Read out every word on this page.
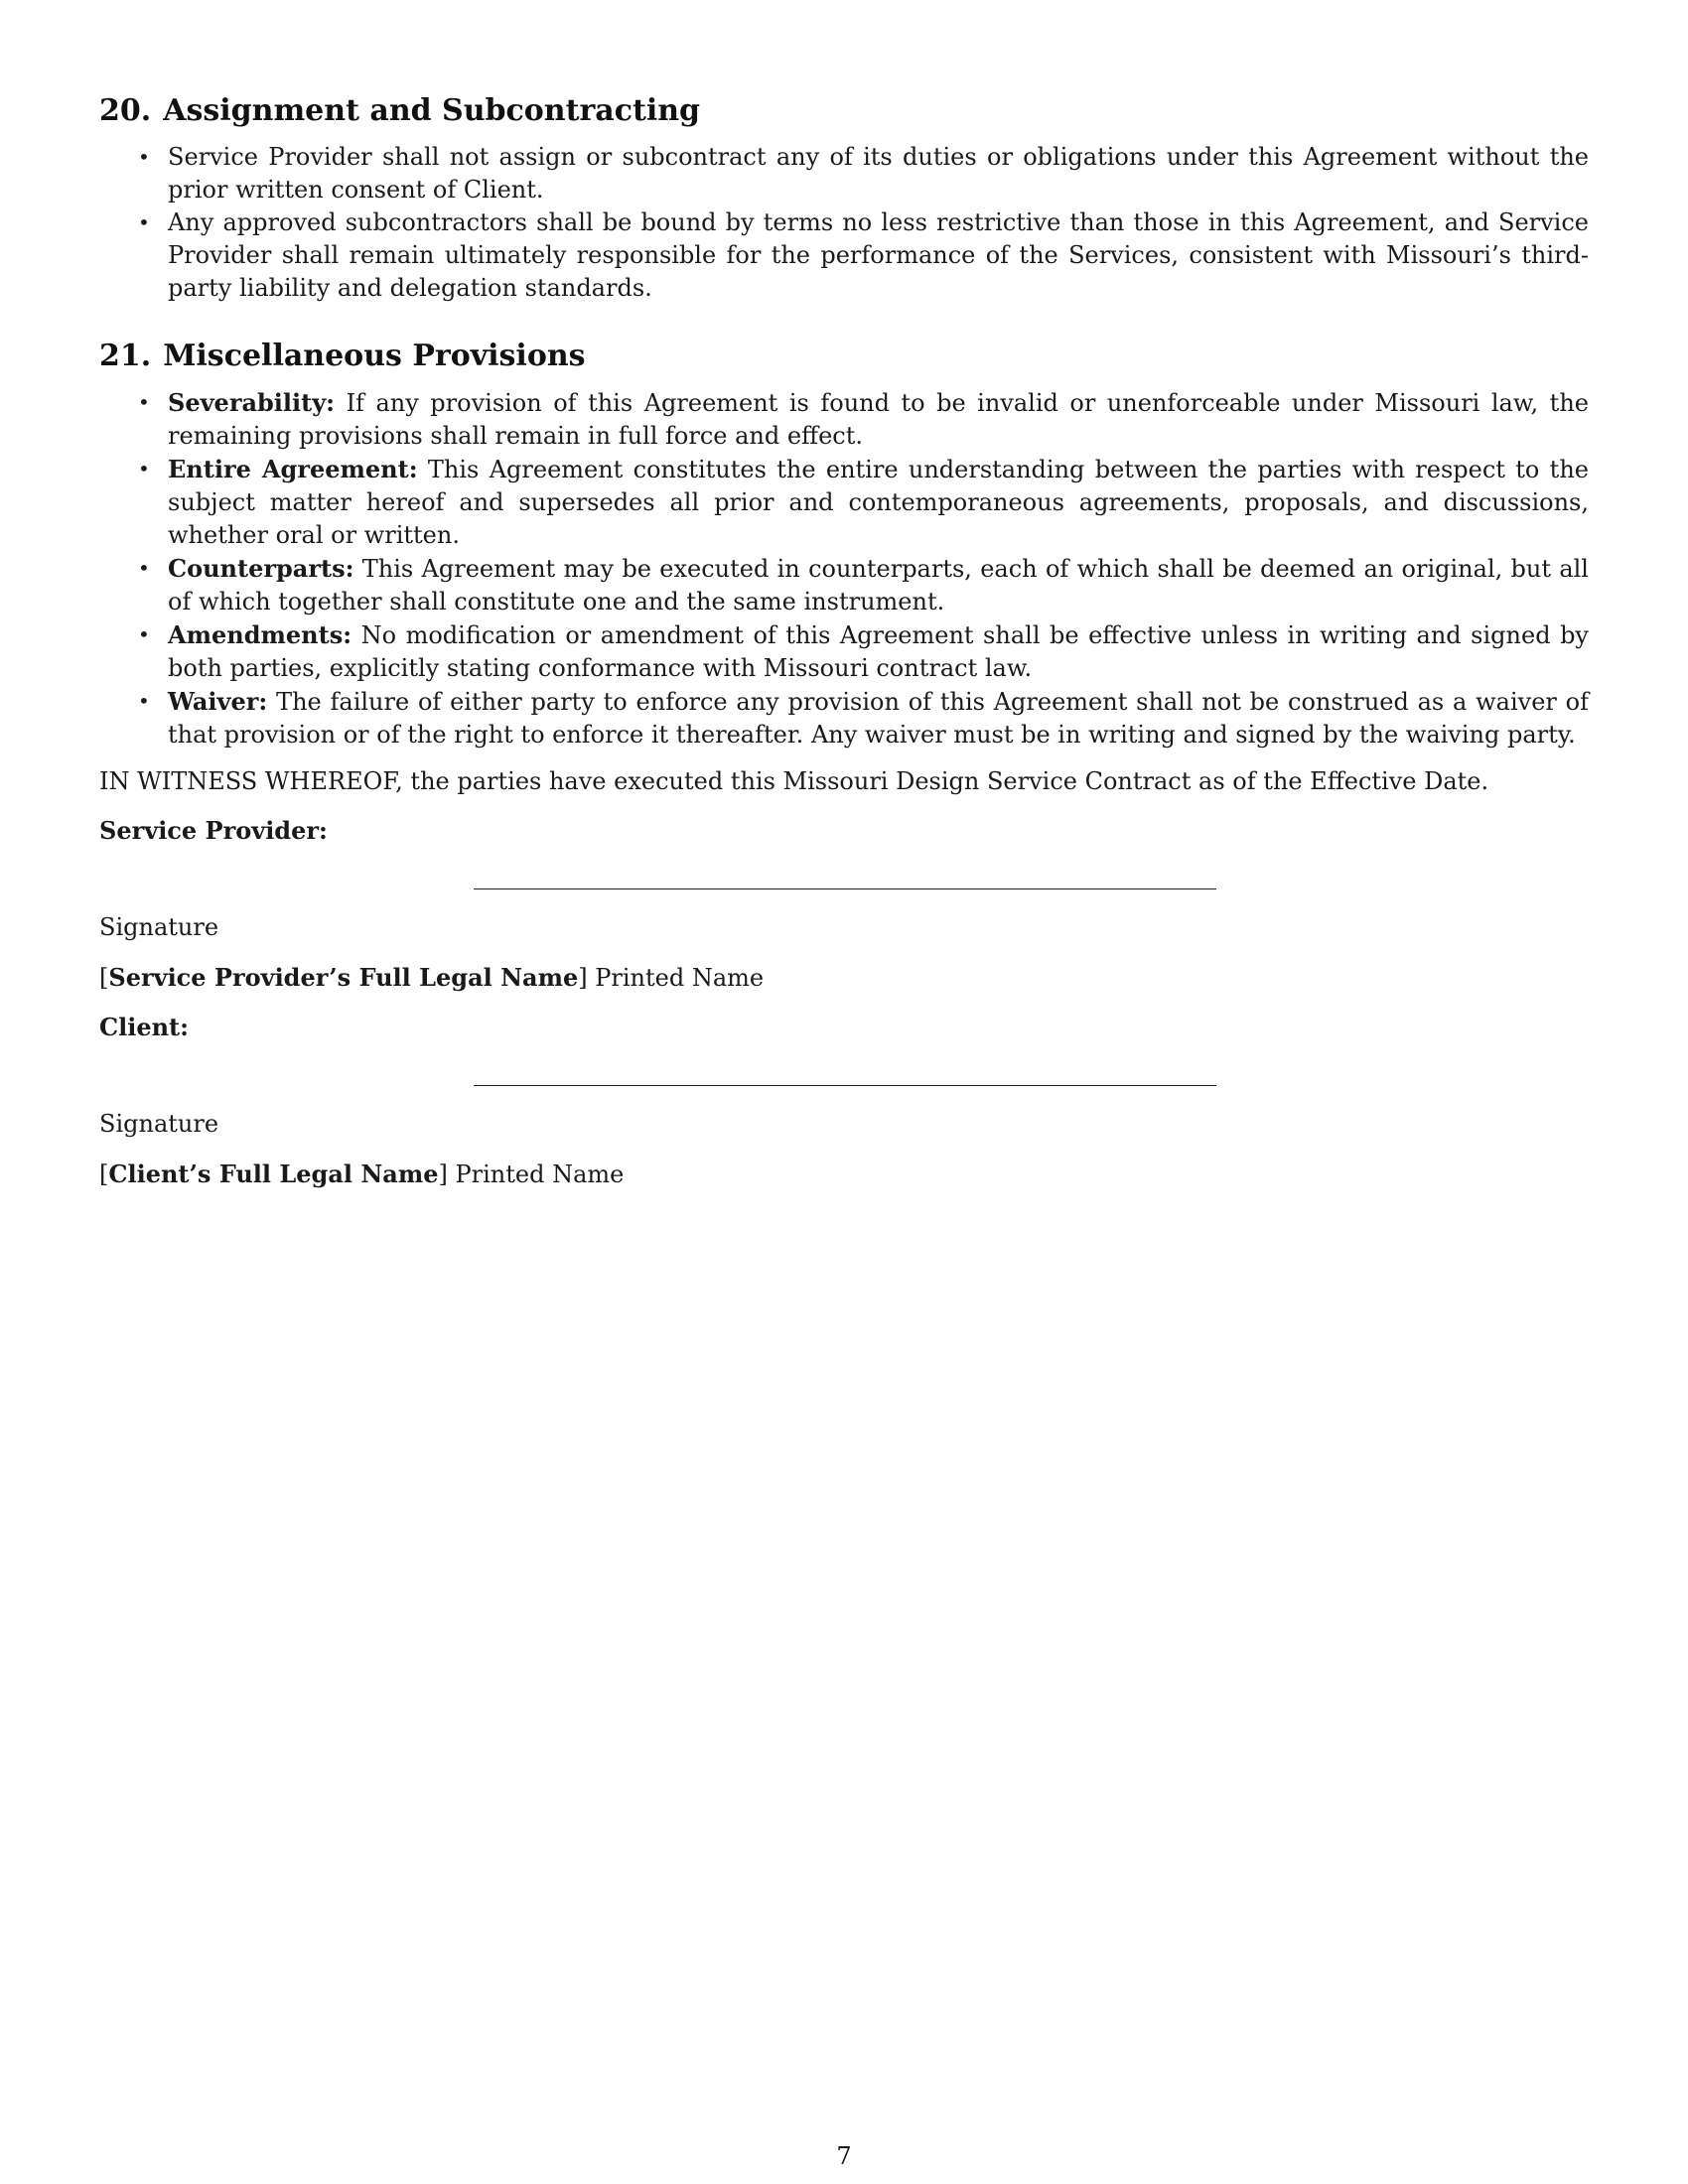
20. Assignment and Subcontracting
• Service Provider shall not assign or subcontract any of its duties or obligations under this Agreement without the prior written consent of Client.
• Any approved subcontractors shall be bound by terms no less restrictive than those in this Agreement, and Service Provider shall remain ultimately responsible for the performance of the Services, consistent with Missouri’s third-party liability and delegation standards.
21. Miscellaneous Provisions
• Severability: If any provision of this Agreement is found to be invalid or unenforceable under Missouri law, the remaining provisions shall remain in full force and effect.
• Entire Agreement: This Agreement constitutes the entire understanding between the parties with respect to the subject matter hereof and supersedes all prior and contemporaneous agreements, proposals, and discussions, whether oral or written.
• Counterparts: This Agreement may be executed in counterparts, each of which shall be deemed an original, but all of which together shall constitute one and the same instrument.
• Amendments: No modification or amendment of this Agreement shall be effective unless in writing and signed by both parties, explicitly stating conformance with Missouri contract law.
• Waiver: The failure of either party to enforce any provision of this Agreement shall not be construed as a waiver of that provision or of the right to enforce it thereafter. Any waiver must be in writing and signed by the waiving party.

IN WITNESS WHEREOF, the parties have executed this Missouri Design Service Contract as of the Effective Date.

Service Provider:
Signature
[Service Provider’s Full Legal Name] Printed Name
Client:
Signature
[Client’s Full Legal Name] Printed Name
7
